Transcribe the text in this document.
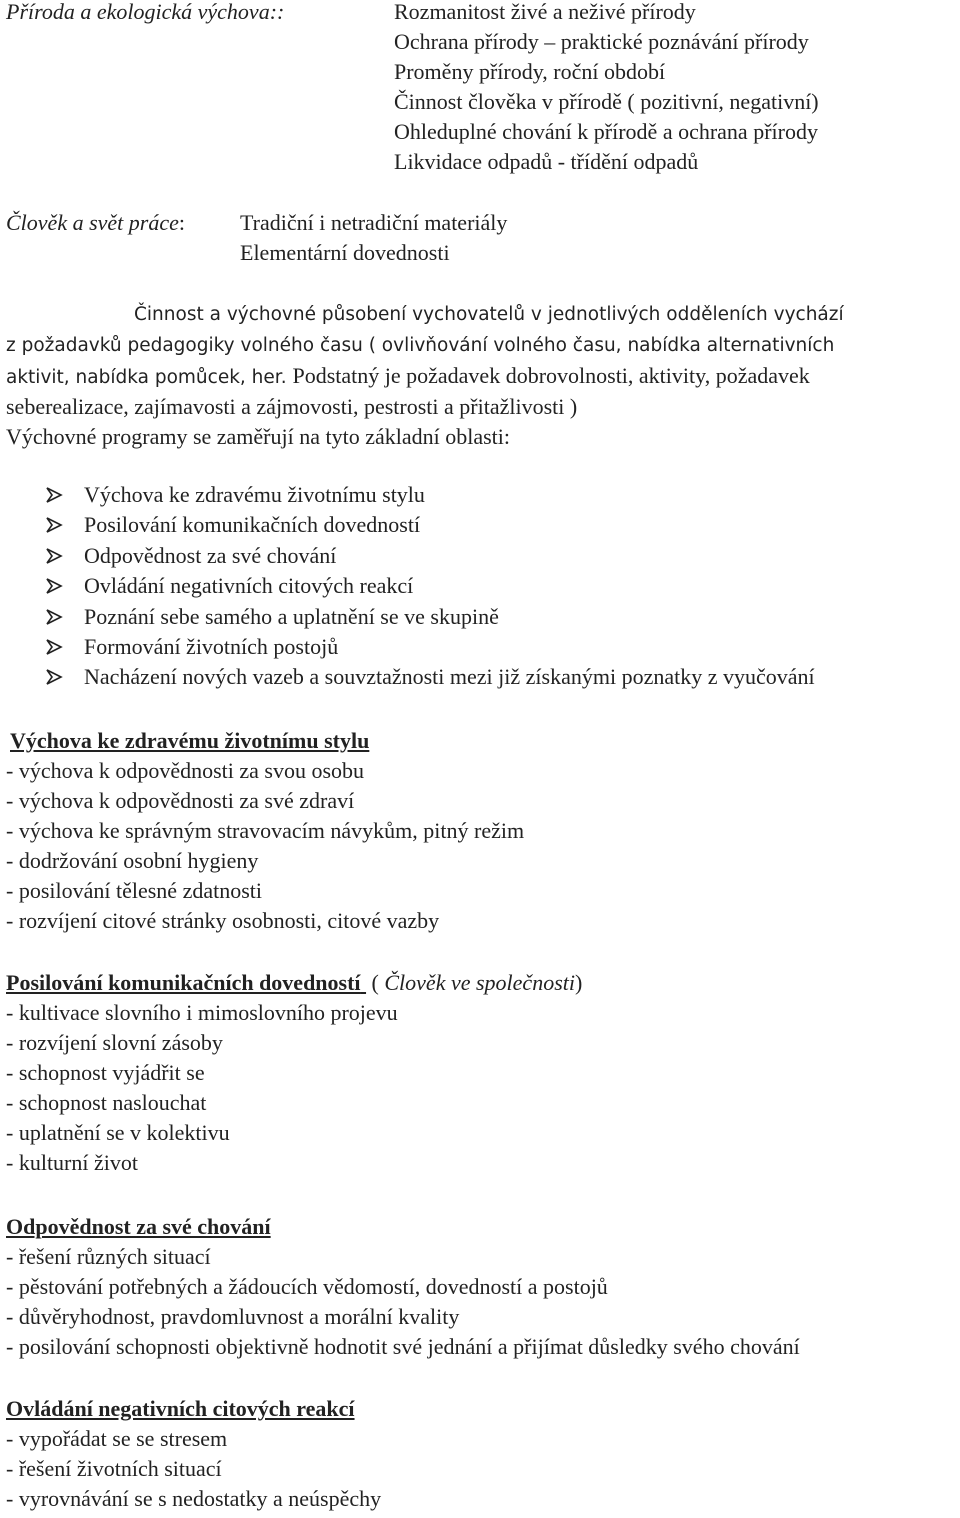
Příroda a ekologická výchova::	Rozmanitost živé a neživé přírody
Ochrana přírody – praktické poznávání přírody
Proměny přírody, roční období
Činnost člověka v přírodě ( pozitivní, negativní)
Ohleduplné chování k přírodě a ochrana přírody
Likvidace odpadů - třídění odpadů
Člověk a svět práce:	Tradiční i netradiční materiály
Elementární dovednosti
Činnost a výchovné působení vychovatelů v jednotlivých odděleních vychází
z požadavků pedagogiky volného času ( ovlivňování volného času, nabídka alternativních
aktivit, nabídka pomůcek, her. Podstatný je požadavek dobrovolnosti, aktivity, požadavek
seberealizace, zajímavosti a zájmovosti, pestrosti a přitažlivosti )
Výchovné programy se zaměřují na tyto základní oblasti:
Výchova ke zdravému životnímu stylu
Posilování komunikačních dovedností
Odpovědnost za své chování
Ovládání negativních citových reakcí
Poznání sebe samého a uplatnění se ve skupině
Formování životních postojů
Nacházení nových vazeb a souvztažnosti mezi již získanými poznatky z vyučování
Výchova ke zdravému životnímu stylu
- výchova k odpovědnosti za svou osobu
- výchova k odpovědnosti za své zdraví
- výchova ke správným stravovacím návykům, pitný režim
- dodržování osobní hygieny
- posilování tělesné zdatnosti
- rozvíjení citové stránky osobnosti, citové vazby
Posilování komunikačních dovedností  ( Člověk ve společnosti)
- kultivace slovního i mimoslovního projevu
- rozvíjení slovní zásoby
- schopnost vyjádřit se
- schopnost naslouchat
- uplatnění se v kolektivu
- kulturní život
Odpovědnost za své chování
- řešení různých situací
- pěstování potřebných a žádoucích vědomostí, dovedností a postojů
- důvěryhodnost, pravdomluvnost a morální kvality
- posilování schopnosti objektivně hodnotit své jednání a přijímat důsledky svého chování
Ovládání negativních citových reakcí
- vypořádat se se stresem
- řešení životních situací
- vyrovnávání se s nedostatky a neúspěchy
